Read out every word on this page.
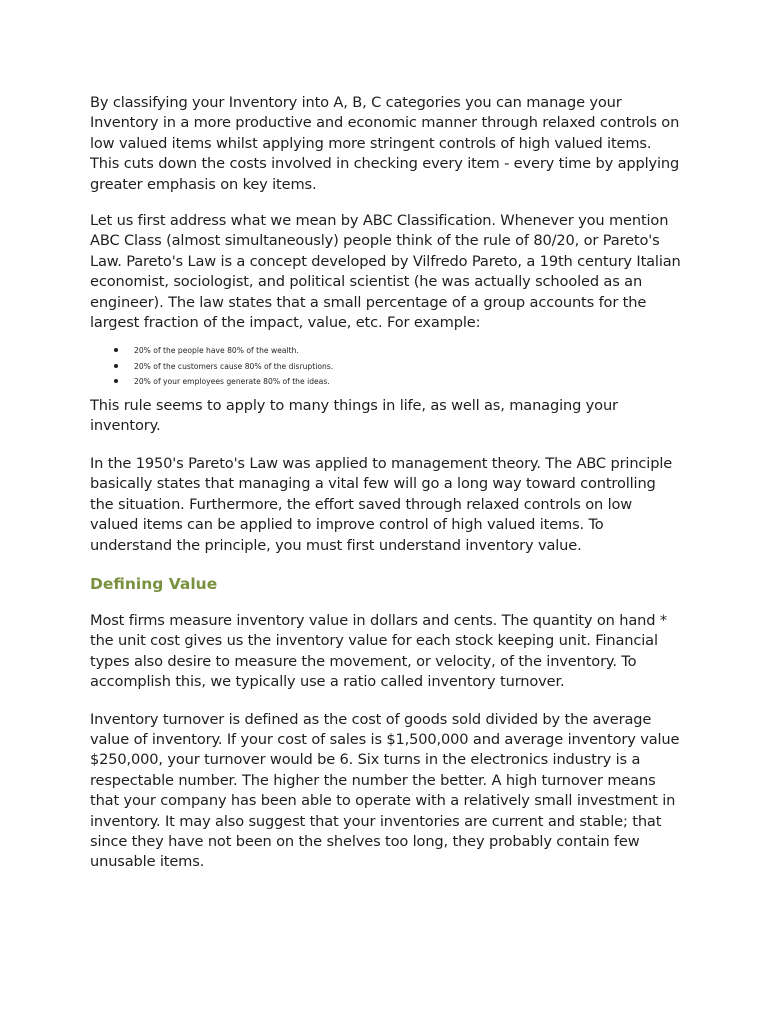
By classifying your Inventory into A, B, C categories you can manage your Inventory in a more productive and economic manner through relaxed controls on low valued items whilst applying more stringent controls of high valued items. This cuts down the costs involved in checking every item - every time by applying greater emphasis on key items.

Let us first address what we mean by ABC Classification. Whenever you mention ABC Class (almost simultaneously) people think of the rule of 80/20, or Pareto's Law. Pareto's Law is a concept developed by Vilfredo Pareto, a 19th century Italian economist, sociologist, and political scientist (he was actually schooled as an engineer). The law states that a small percentage of a group accounts for the largest fraction of the impact, value, etc. For example:

20% of the people have 80% of the wealth.
20% of the customers cause 80% of the disruptions.
20% of your employees generate 80% of the ideas.

This rule seems to apply to many things in life, as well as, managing your inventory.

In the 1950's Pareto's Law was applied to management theory. The ABC principle basically states that managing a vital few will go a long way toward controlling the situation. Furthermore, the effort saved through relaxed controls on low valued items can be applied to improve control of high valued items. To understand the principle, you must first understand inventory value.

Defining Value

Most firms measure inventory value in dollars and cents. The quantity on hand * the unit cost gives us the inventory value for each stock keeping unit. Financial types also desire to measure the movement, or velocity, of the inventory. To accomplish this, we typically use a ratio called inventory turnover.

Inventory turnover is defined as the cost of goods sold divided by the average value of inventory. If your cost of sales is $1,500,000 and average inventory value $250,000, your turnover would be 6. Six turns in the electronics industry is a respectable number. The higher the number the better. A high turnover means that your company has been able to operate with a relatively small investment in inventory. It may also suggest that your inventories are current and stable; that since they have not been on the shelves too long, they probably contain few unusable items.
